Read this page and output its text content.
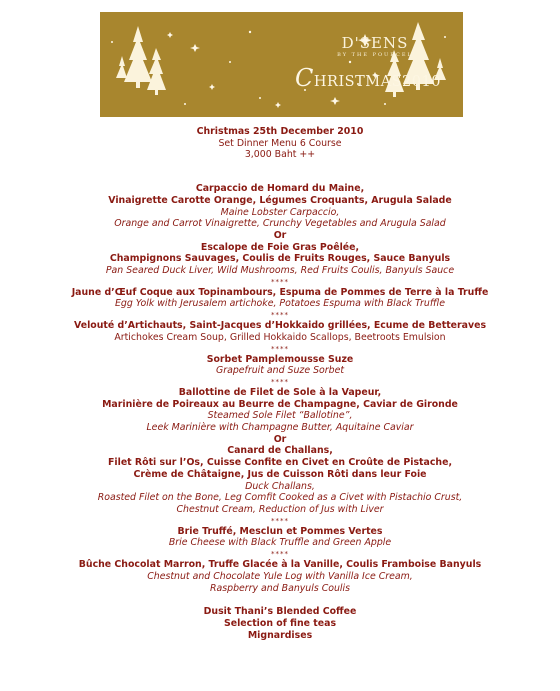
D'SENS
BY THE POURCEL
CHRISTMAS2010
Christmas 25th December 2010
Set Dinner Menu 6 Course
3,000 Baht ++
Carpaccio de Homard du Maine,
Vinaigrette Carotte Orange, Légumes Croquants, Arugula Salade
Maine Lobster Carpaccio,
Orange and Carrot Vinaigrette, Crunchy Vegetables and Arugula Salad
Or
Escalope de Foie Gras Poêlée,
Champignons Sauvages, Coulis de Fruits Rouges, Sauce Banyuls
Pan Seared Duck Liver, Wild Mushrooms, Red Fruits Coulis, Banyuls Sauce
****
Jaune d’Œuf Coque aux Topinambours, Espuma de Pommes de Terre à la Truffe
Egg Yolk with Jerusalem artichoke, Potatoes Espuma with Black Truffle
****
Velouté d’Artichauts, Saint-Jacques d’Hokkaido grillées, Ecume de Betteraves
Artichokes Cream Soup, Grilled Hokkaido Scallops, Beetroots Emulsion
****
Sorbet Pamplemousse Suze
Grapefruit and Suze Sorbet
****
Ballottine de Filet de Sole à la Vapeur,
Marinière de Poireaux au Beurre de Champagne, Caviar de Gironde
Steamed Sole Filet “Ballotine”,
Leek Marinière with Champagne Butter, Aquitaine Caviar
Or
Canard de Challans,
Filet Rôti sur l’Os, Cuisse Confite en Civet en Croûte de Pistache,
Crème de Châtaigne, Jus de Cuisson Rôti dans leur Foie
Duck Challans,
Roasted Filet on the Bone, Leg Comfit Cooked as a Civet with Pistachio Crust,
Chestnut Cream, Reduction of Jus with Liver
****
Brie Truffé, Mesclun et Pommes Vertes
Brie Cheese with Black Truffle and Green Apple
****
Bûche Chocolat Marron, Truffe Glacée à la Vanille, Coulis Framboise Banyuls
Chestnut and Chocolate Yule Log with Vanilla Ice Cream,
Raspberry and Banyuls Coulis
Dusit Thani’s Blended Coffee
Selection of fine teas
Mignardises
